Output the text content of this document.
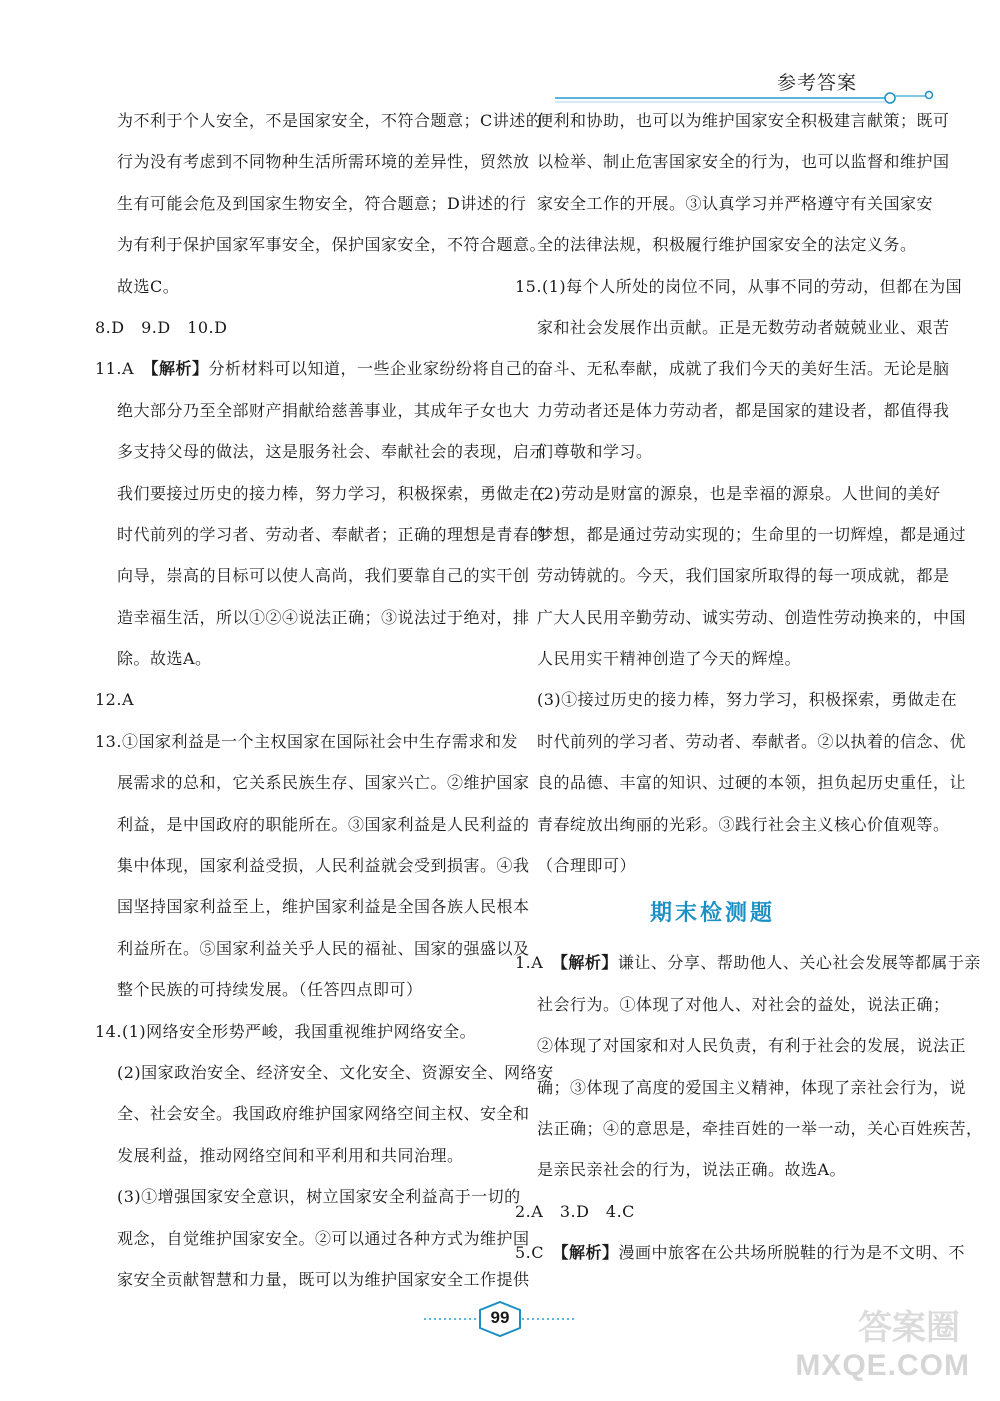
参考答案
为不利于个人安全，不是国家安全，不符合题意；C讲述的
行为没有考虑到不同物种生活所需环境的差异性，贸然放
生有可能会危及到国家生物安全，符合题意；D讲述的行
为有利于保护国家军事安全，保护国家安全，不符合题意。
故选C。
8.D　9.D　10.D
11.A　【解析】分析材料可以知道，一些企业家纷纷将自己的
绝大部分乃至全部财产捐献给慈善事业，其成年子女也大
多支持父母的做法，这是服务社会、奉献社会的表现，启示
我们要接过历史的接力棒，努力学习，积极探索，勇做走在
时代前列的学习者、劳动者、奉献者；正确的理想是青春的
向导，崇高的目标可以使人高尚，我们要靠自己的实干创
造幸福生活，所以①②④说法正确；③说法过于绝对，排
除。故选A。
12.A
13.①国家利益是一个主权国家在国际社会中生存需求和发
展需求的总和，它关系民族生存、国家兴亡。②维护国家
利益，是中国政府的职能所在。③国家利益是人民利益的
集中体现，国家利益受损，人民利益就会受到损害。④我
国坚持国家利益至上，维护国家利益是全国各族人民根本
利益所在。⑤国家利益关乎人民的福祉、国家的强盛以及
整个民族的可持续发展。（任答四点即可）
14.(1)网络安全形势严峻，我国重视维护网络安全。
(2)国家政治安全、经济安全、文化安全、资源安全、网络安
全、社会安全。我国政府维护国家网络空间主权、安全和
发展利益，推动网络空间和平利用和共同治理。
(3)①增强国家安全意识，树立国家安全利益高于一切的
观念，自觉维护国家安全。②可以通过各种方式为维护国
家安全贡献智慧和力量，既可以为维护国家安全工作提供
便利和协助，也可以为维护国家安全积极建言献策；既可
以检举、制止危害国家安全的行为，也可以监督和维护国
家安全工作的开展。③认真学习并严格遵守有关国家安
全的法律法规，积极履行维护国家安全的法定义务。
15.(1)每个人所处的岗位不同，从事不同的劳动，但都在为国
家和社会发展作出贡献。正是无数劳动者兢兢业业、艰苦
奋斗、无私奉献，成就了我们今天的美好生活。无论是脑
力劳动者还是体力劳动者，都是国家的建设者，都值得我
们尊敬和学习。
(2)劳动是财富的源泉，也是幸福的源泉。人世间的美好
梦想，都是通过劳动实现的；生命里的一切辉煌，都是通过
劳动铸就的。今天，我们国家所取得的每一项成就，都是
广大人民用辛勤劳动、诚实劳动、创造性劳动换来的，中国
人民用实干精神创造了今天的辉煌。
(3)①接过历史的接力棒，努力学习，积极探索，勇做走在
时代前列的学习者、劳动者、奉献者。②以执着的信念、优
良的品德、丰富的知识、过硬的本领，担负起历史重任，让
青春绽放出绚丽的光彩。③践行社会主义核心价值观等。
（合理即可）
期末检测题
1.A　【解析】谦让、分享、帮助他人、关心社会发展等都属于亲
社会行为。①体现了对他人、对社会的益处，说法正确；
②体现了对国家和对人民负责，有利于社会的发展，说法正
确；③体现了高度的爱国主义精神，体现了亲社会行为，说
法正确；④的意思是，牵挂百姓的一举一动，关心百姓疾苦，
是亲民亲社会的行为，说法正确。故选A。
2.A　3.D　4.C
5.C　【解析】漫画中旅客在公共场所脱鞋的行为是不文明、不
99	答案圈
MXQE.COM
